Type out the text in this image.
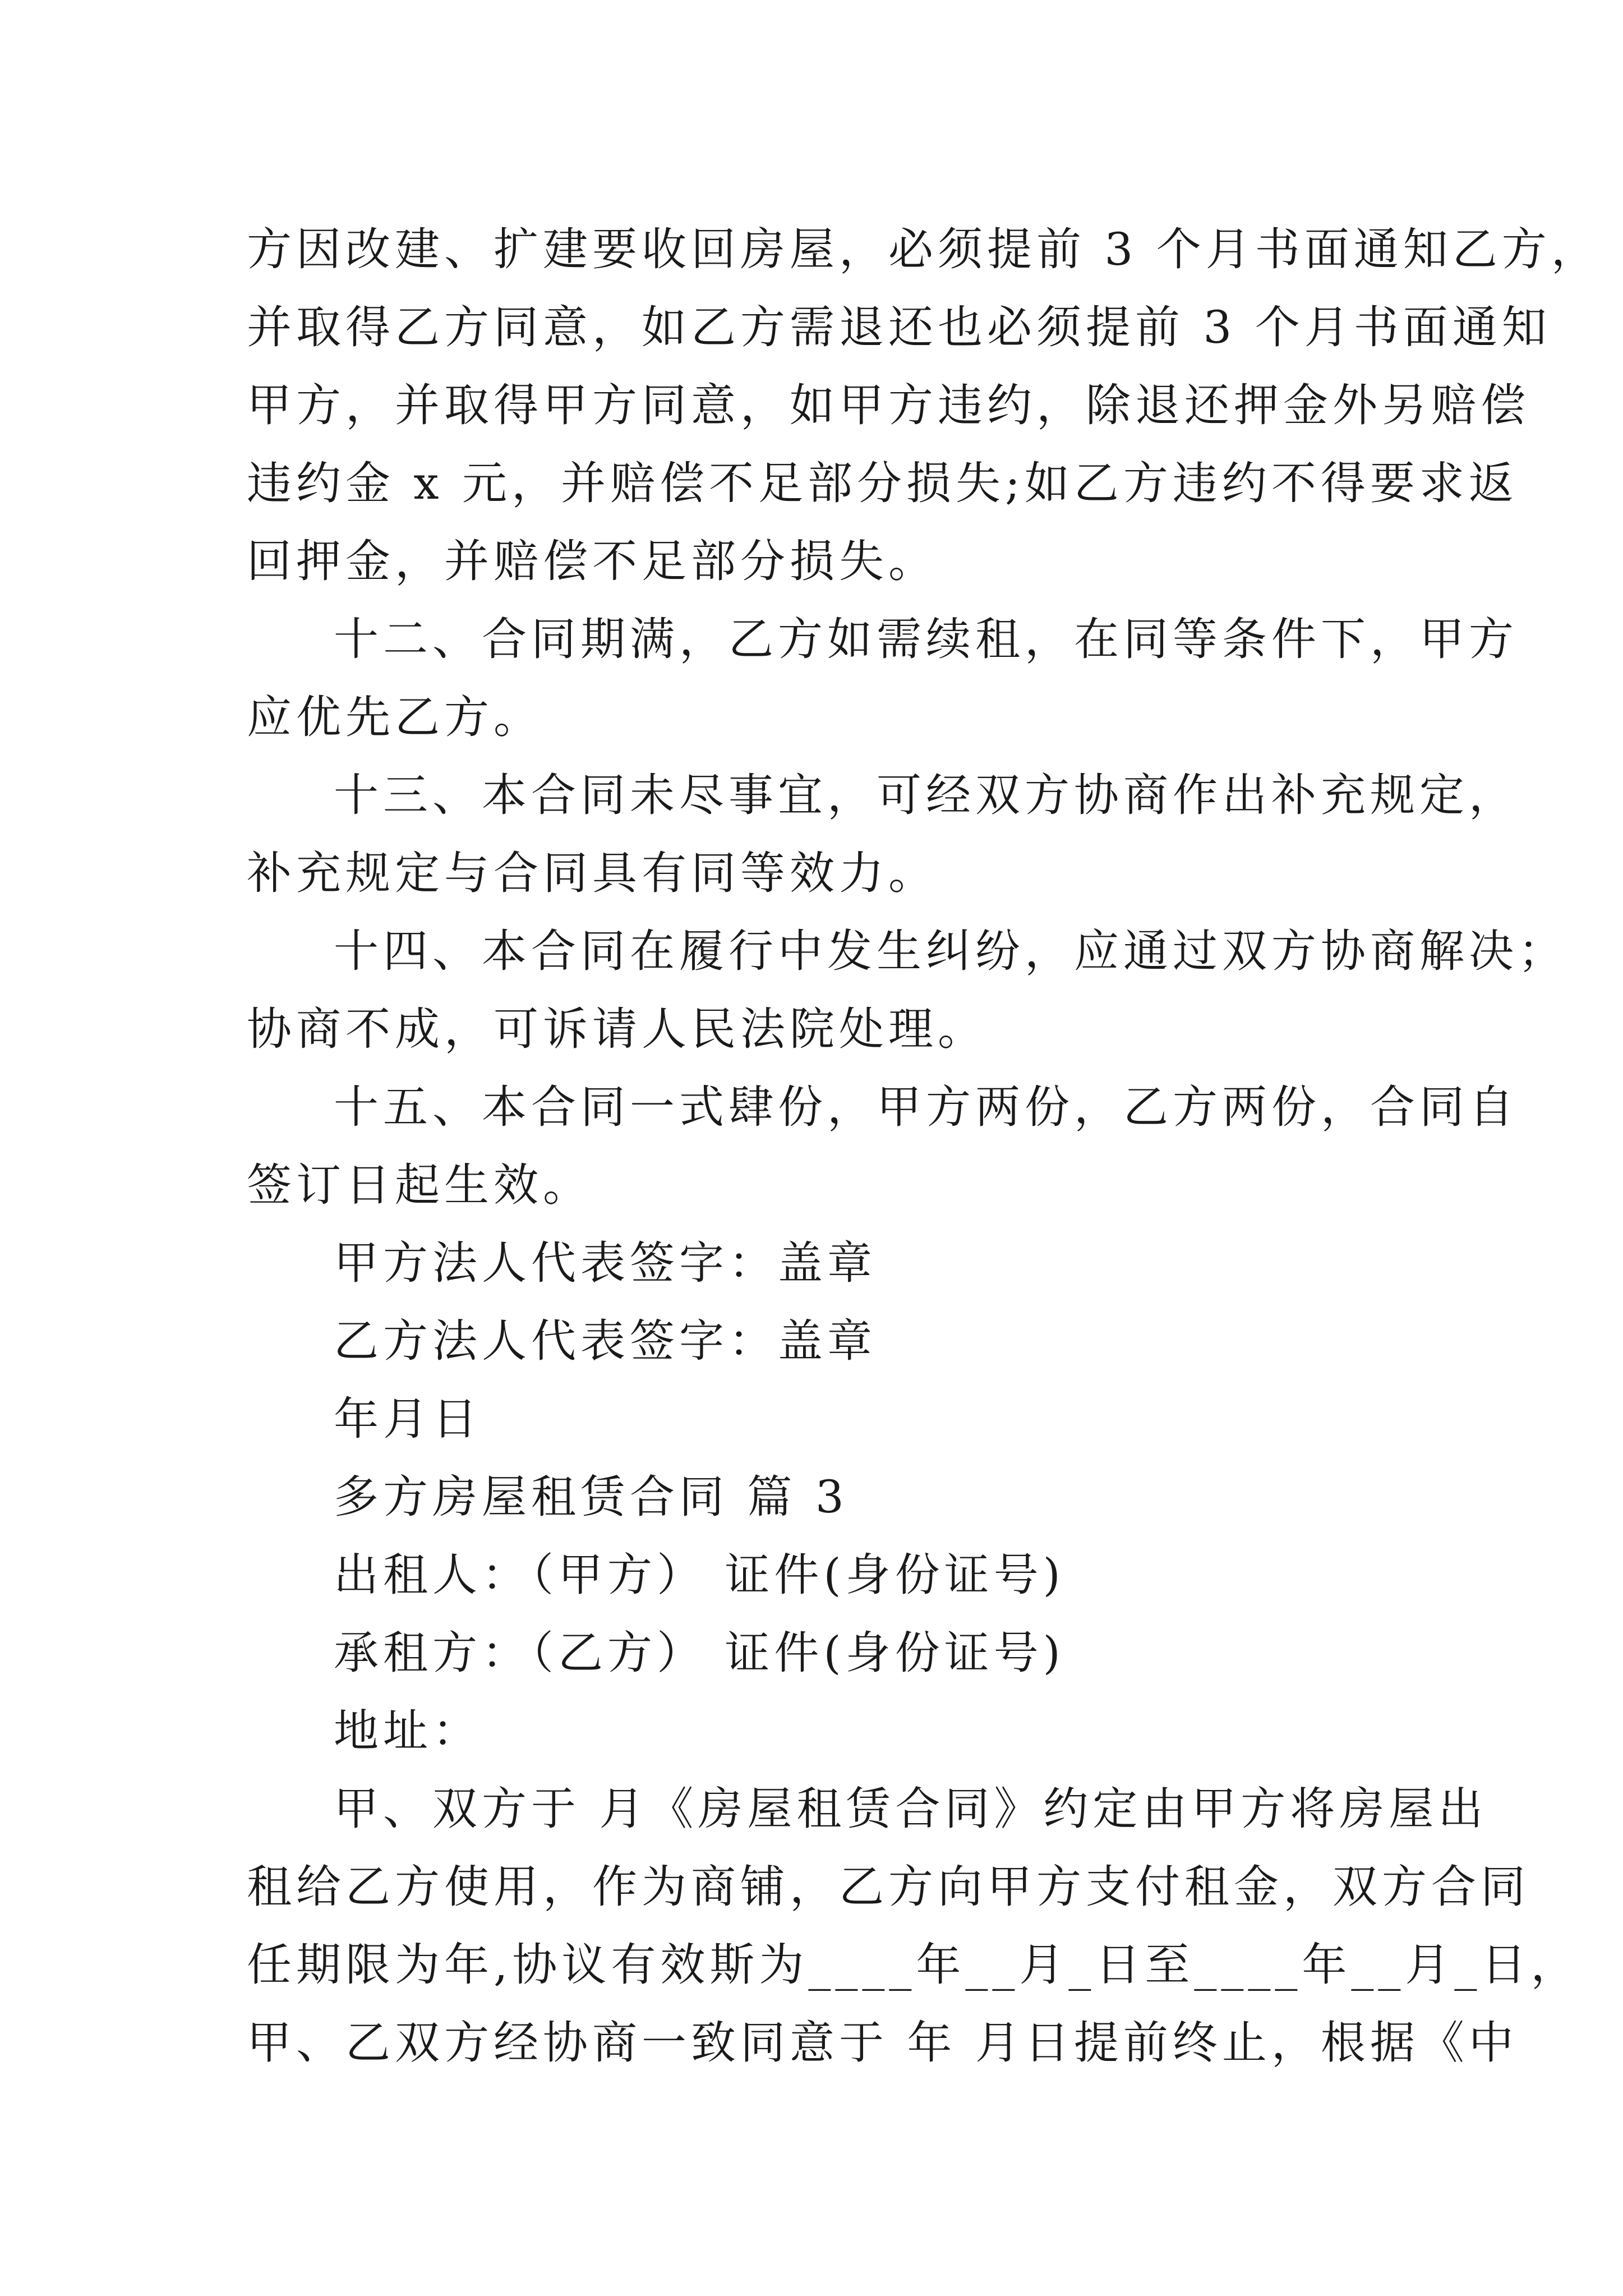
方因改建、扩建要收回房屋，必须提前 3 个月书面通知乙方，
并取得乙方同意，如乙方需退还也必须提前 3 个月书面通知
甲方，并取得甲方同意，如甲方违约，除退还押金外另赔偿
违约金 x 元，并赔偿不足部分损失;如乙方违约不得要求返
回押金，并赔偿不足部分损失。
十二、合同期满，乙方如需续租，在同等条件下，甲方
应优先乙方。
十三、本合同未尽事宜，可经双方协商作出补充规定，
补充规定与合同具有同等效力。
十四、本合同在履行中发生纠纷，应通过双方协商解决；
协商不成，可诉请人民法院处理。
十五、本合同一式肆份，甲方两份，乙方两份，合同自
签订日起生效。
甲方法人代表签字：盖章
乙方法人代表签字：盖章
年月日
多方房屋租赁合同 篇 3
出租人：（甲方） 证件(身份证号)
承租方：（乙方） 证件(身份证号)
地址：
甲、双方于 月《房屋租赁合同》约定由甲方将房屋出
租给乙方使用，作为商铺，乙方向甲方支付租金，双方合同
任期限为年,协议有效斯为____年__月_日至____年__月_日，
甲、乙双方经协商一致同意于 年 月日提前终止，根据《中
